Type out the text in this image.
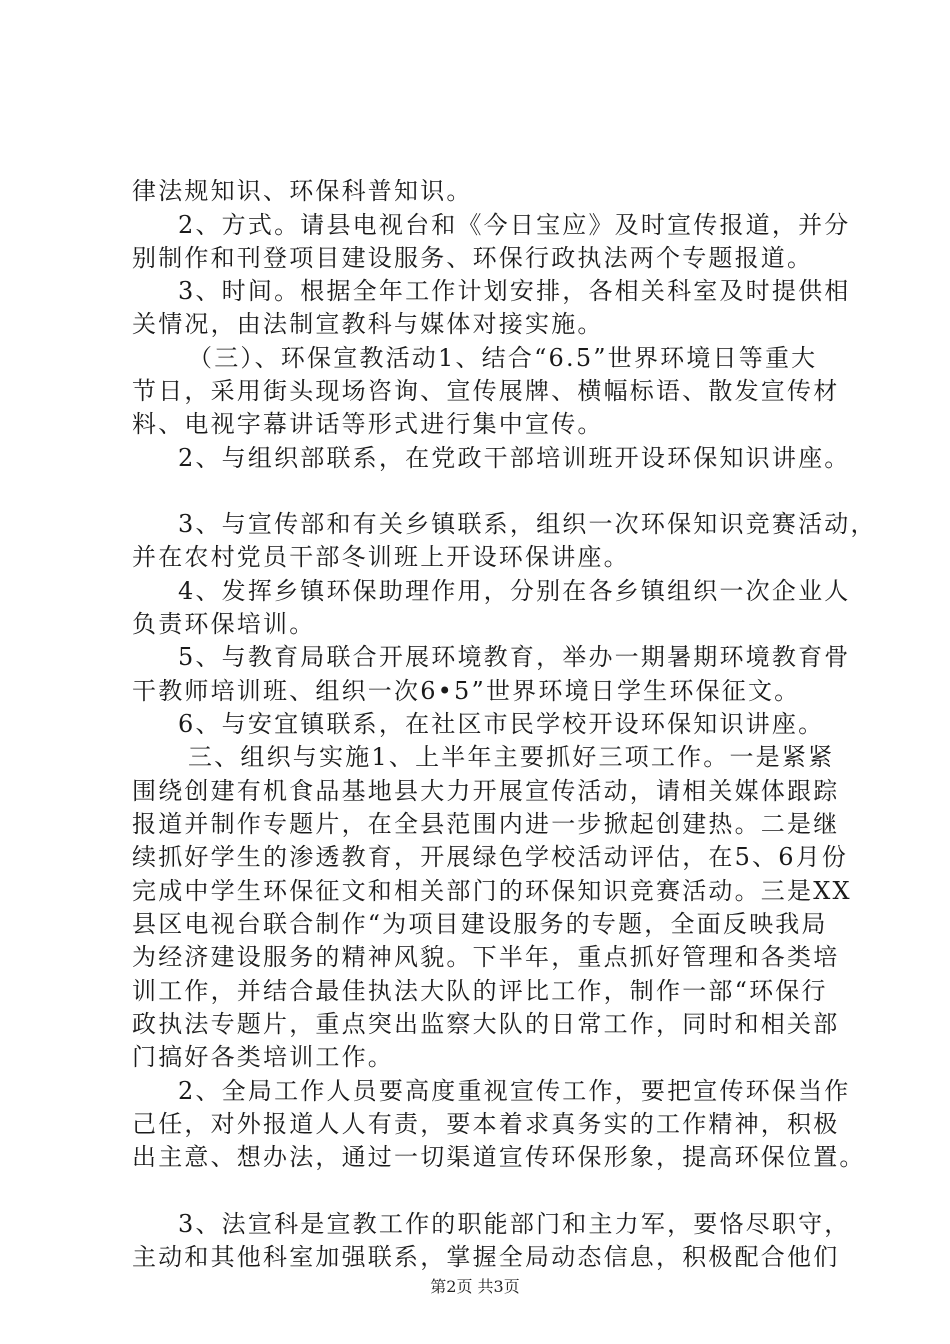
律法规知识、环保科普知识。
2、方式。请县电视台和《今日宝应》及时宣传报道，并分
别制作和刊登项目建设服务、环保行政执法两个专题报道。
3、时间。根据全年工作计划安排，各相关科室及时提供相
关情况，由法制宣教科与媒体对接实施。
（三）、环保宣教活动1、结合“6.5”世界环境日等重大
节日，采用街头现场咨询、宣传展牌、横幅标语、散发宣传材
料、电视字幕讲话等形式进行集中宣传。
2、与组织部联系，在党政干部培训班开设环保知识讲座。
3、与宣传部和有关乡镇联系，组织一次环保知识竞赛活动，
并在农村党员干部冬训班上开设环保讲座。
4、发挥乡镇环保助理作用，分别在各乡镇组织一次企业人
负责环保培训。
5、与教育局联合开展环境教育，举办一期暑期环境教育骨
干教师培训班、组织一次6•5”世界环境日学生环保征文。
6、与安宜镇联系，在社区市民学校开设环保知识讲座。
三、组织与实施1、上半年主要抓好三项工作。一是紧紧
围绕创建有机食品基地县大力开展宣传活动，请相关媒体跟踪
报道并制作专题片，在全县范围内进一步掀起创建热。二是继
续抓好学生的渗透教育，开展绿色学校活动评估，在5、6月份
完成中学生环保征文和相关部门的环保知识竞赛活动。三是XX
县区电视台联合制作“为项目建设服务的专题，全面反映我局
为经济建设服务的精神风貌。下半年，重点抓好管理和各类培
训工作，并结合最佳执法大队的评比工作，制作一部“环保行
政执法专题片，重点突出监察大队的日常工作，同时和相关部
门搞好各类培训工作。
2、全局工作人员要高度重视宣传工作，要把宣传环保当作
己任，对外报道人人有责，要本着求真务实的工作精神，积极
出主意、想办法，通过一切渠道宣传环保形象，提高环保位置。
3、法宣科是宣教工作的职能部门和主力军，要恪尽职守，
主动和其他科室加强联系，掌握全局动态信息，积极配合他们
第2页 共3页
